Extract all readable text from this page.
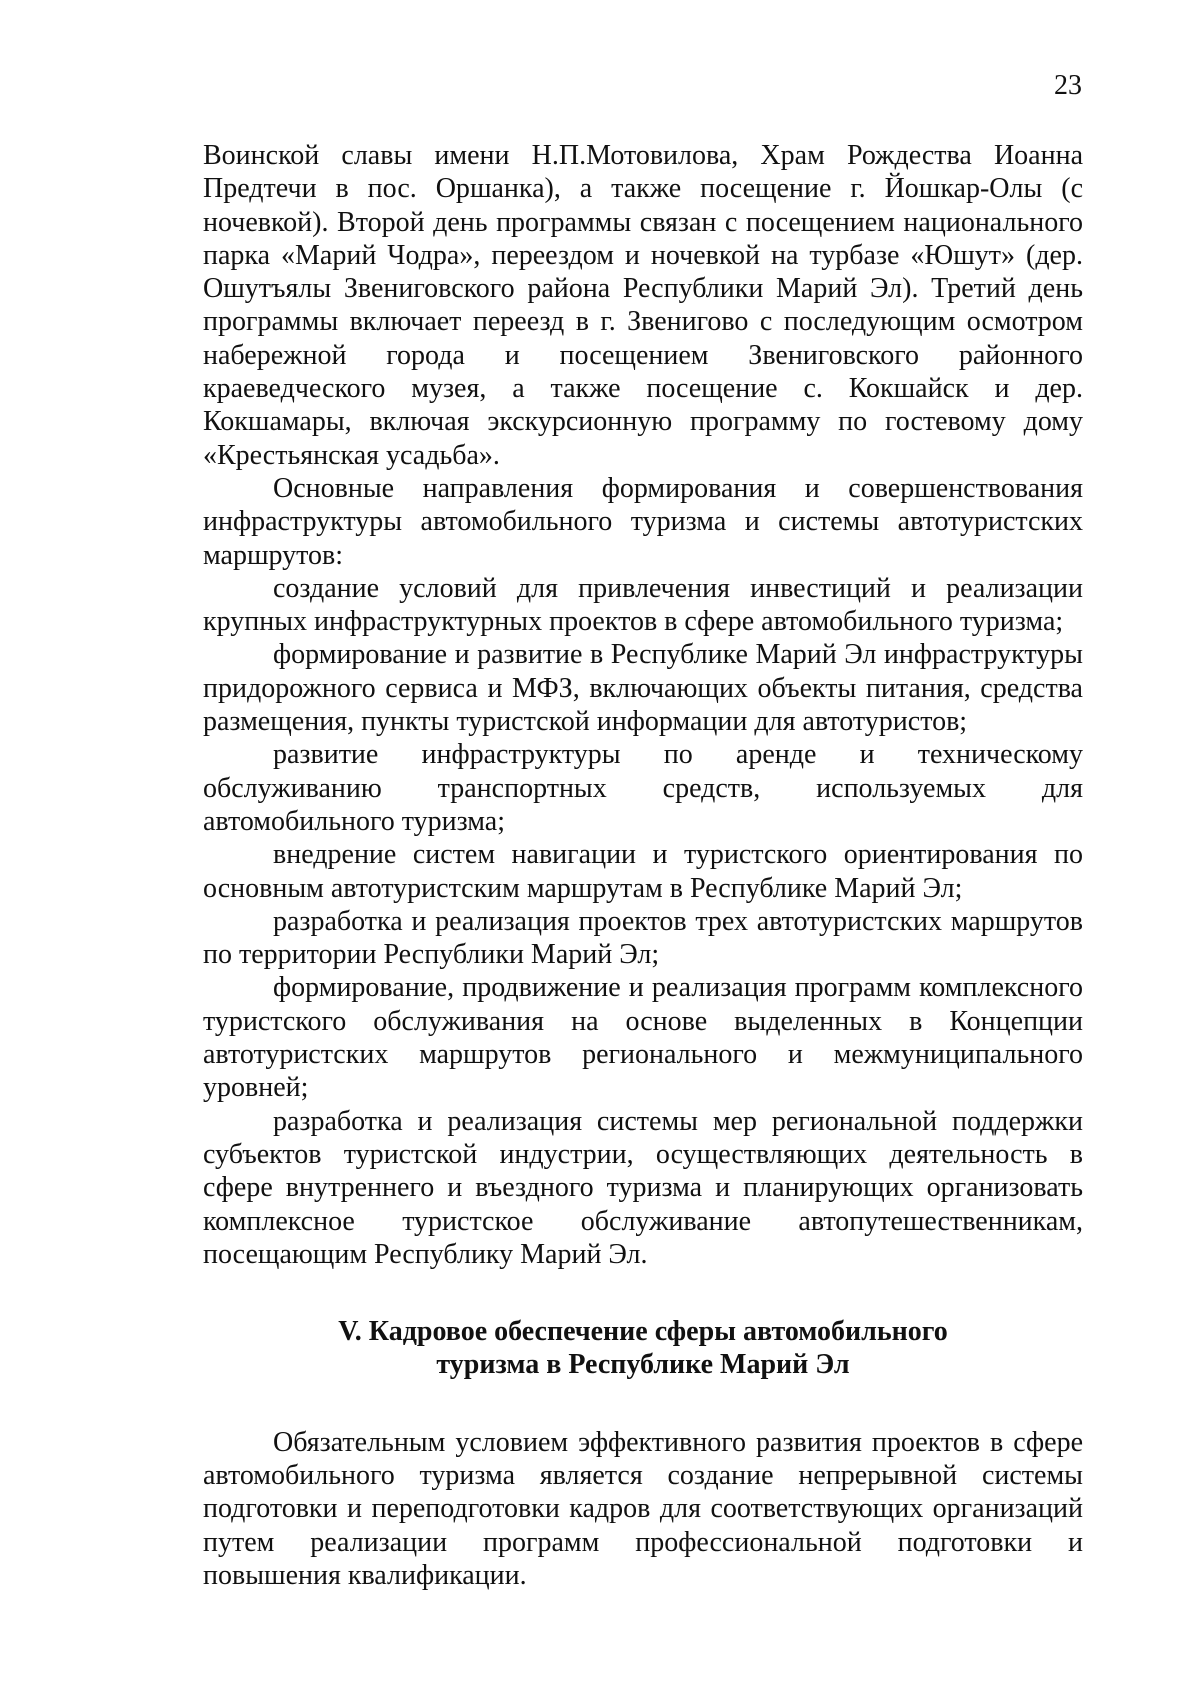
23

Воинской славы имени Н.П.Мотовилова, Храм Рождества Иоанна Предтечи в пос. Оршанка), а также посещение г. Йошкар-Олы (с ночевкой). Второй день программы связан с посещением национального парка «Марий Чодра», переездом и ночевкой на турбазе «Юшут» (дер. Ошутъялы Звениговского района Республики Марий Эл). Третий день программы включает переезд в г. Звенигово с последующим осмотром набережной города и посещением Звениговского районного краеведческого музея, а также посещение с. Кокшайск и дер. Кокшамары, включая экскурсионную программу по гостевому дому «Крестьянская усадьба».

Основные направления формирования и совершенствования инфраструктуры автомобильного туризма и системы автотуристских маршрутов:

создание условий для привлечения инвестиций и реализации крупных инфраструктурных проектов в сфере автомобильного туризма;

формирование и развитие в Республике Марий Эл инфраструктуры придорожного сервиса и МФЗ, включающих объекты питания, средства размещения, пункты туристской информации для автотуристов;

развитие инфраструктуры по аренде и техническому обслуживанию транспортных средств, используемых для автомобильного туризма;

внедрение систем навигации и туристского ориентирования по основным автотуристским маршрутам в Республике Марий Эл;

разработка и реализация проектов трех автотуристских маршрутов по территории Республики Марий Эл;

формирование, продвижение и реализация программ комплексного туристского обслуживания на основе выделенных в Концепции автотуристских маршрутов регионального и межмуниципального уровней;

разработка и реализация системы мер региональной поддержки субъектов туристской индустрии, осуществляющих деятельность в сфере внутреннего и въездного туризма и планирующих организовать комплексное туристское обслуживание автопутешественникам, посещающим Республику Марий Эл.

V. Кадровое обеспечение сферы автомобильного
туризма в Республике Марий Эл

Обязательным условием эффективного развития проектов в сфере автомобильного туризма является создание непрерывной системы подготовки и переподготовки кадров для соответствующих организаций путем реализации программ профессиональной подготовки и повышения квалификации.
